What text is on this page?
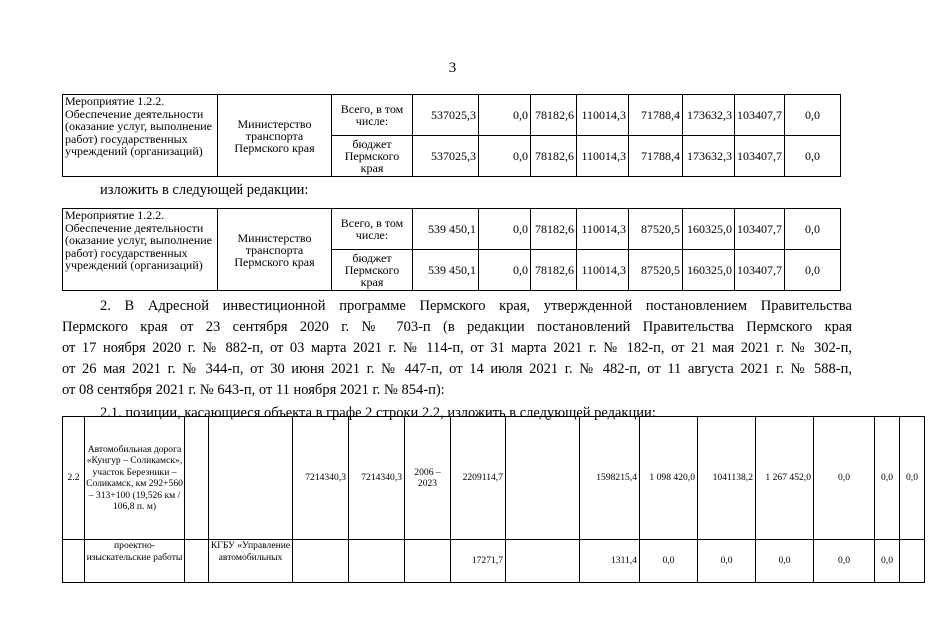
3
Мероприятие 1.2.2. Обеспечение деятельности (оказание услуг, выполнение работ) государственных учреждений (организаций)	Министерство транспорта Пермского края	Всего, в том числе:	537025,3	0,0	78182,6	110014,3	71788,4	173632,3	103407,7	0,0
		бюджет Пермского края	537025,3	0,0	78182,6	110014,3	71788,4	173632,3	103407,7	0,0
изложить в следующей редакции:
Мероприятие 1.2.2. Обеспечение деятельности (оказание услуг, выполнение работ) государственных учреждений (организаций)	Министерство транспорта Пермского края	Всего, в том числе:	539 450,1	0,0	78182,6	110014,3	87520,5	160325,0	103407,7	0,0
		бюджет Пермского края	539 450,1	0,0	78182,6	110014,3	87520,5	160325,0	103407,7	0,0
2. В Адресной инвестиционной программе Пермского края, утвержденной постановлением Правительства
Пермского края от 23 сентября 2020 г. № 703-п (в редакции постановлений Правительства Пермского края
от 17 ноября 2020 г. № 882-п, от 03 марта 2021 г. № 114-п, от 31 марта 2021 г. № 182-п, от 21 мая 2021 г. № 302-п,
от 26 мая 2021 г. № 344-п, от 30 июня 2021 г. № 447-п, от 14 июля 2021 г. № 482-п, от 11 августа 2021 г. № 588-п,
от 08 сентября 2021 г. № 643-п, от 11 ноября 2021 г. № 854-п):
2.1. позиции, касающиеся объекта в графе 2 строки 2.2, изложить в следующей редакции:
2.2	Автомобильная дорога «Кунгур – Соликамск», участок Березники – Соликамск, км 292+560 – 313+100 (19,526 км / 106,8 п. м)			7214340,3	7214340,3	2006 – 2023	2209114,7		1598215,4	1 098 420,0	1041138,2	1 267 452,0	0,0	0,0	0,0
	проектно-изыскательские работы		КГБУ «Управление автомобильных				17271,7		1311,4	0,0	0,0	0,0	0,0	0,0	
